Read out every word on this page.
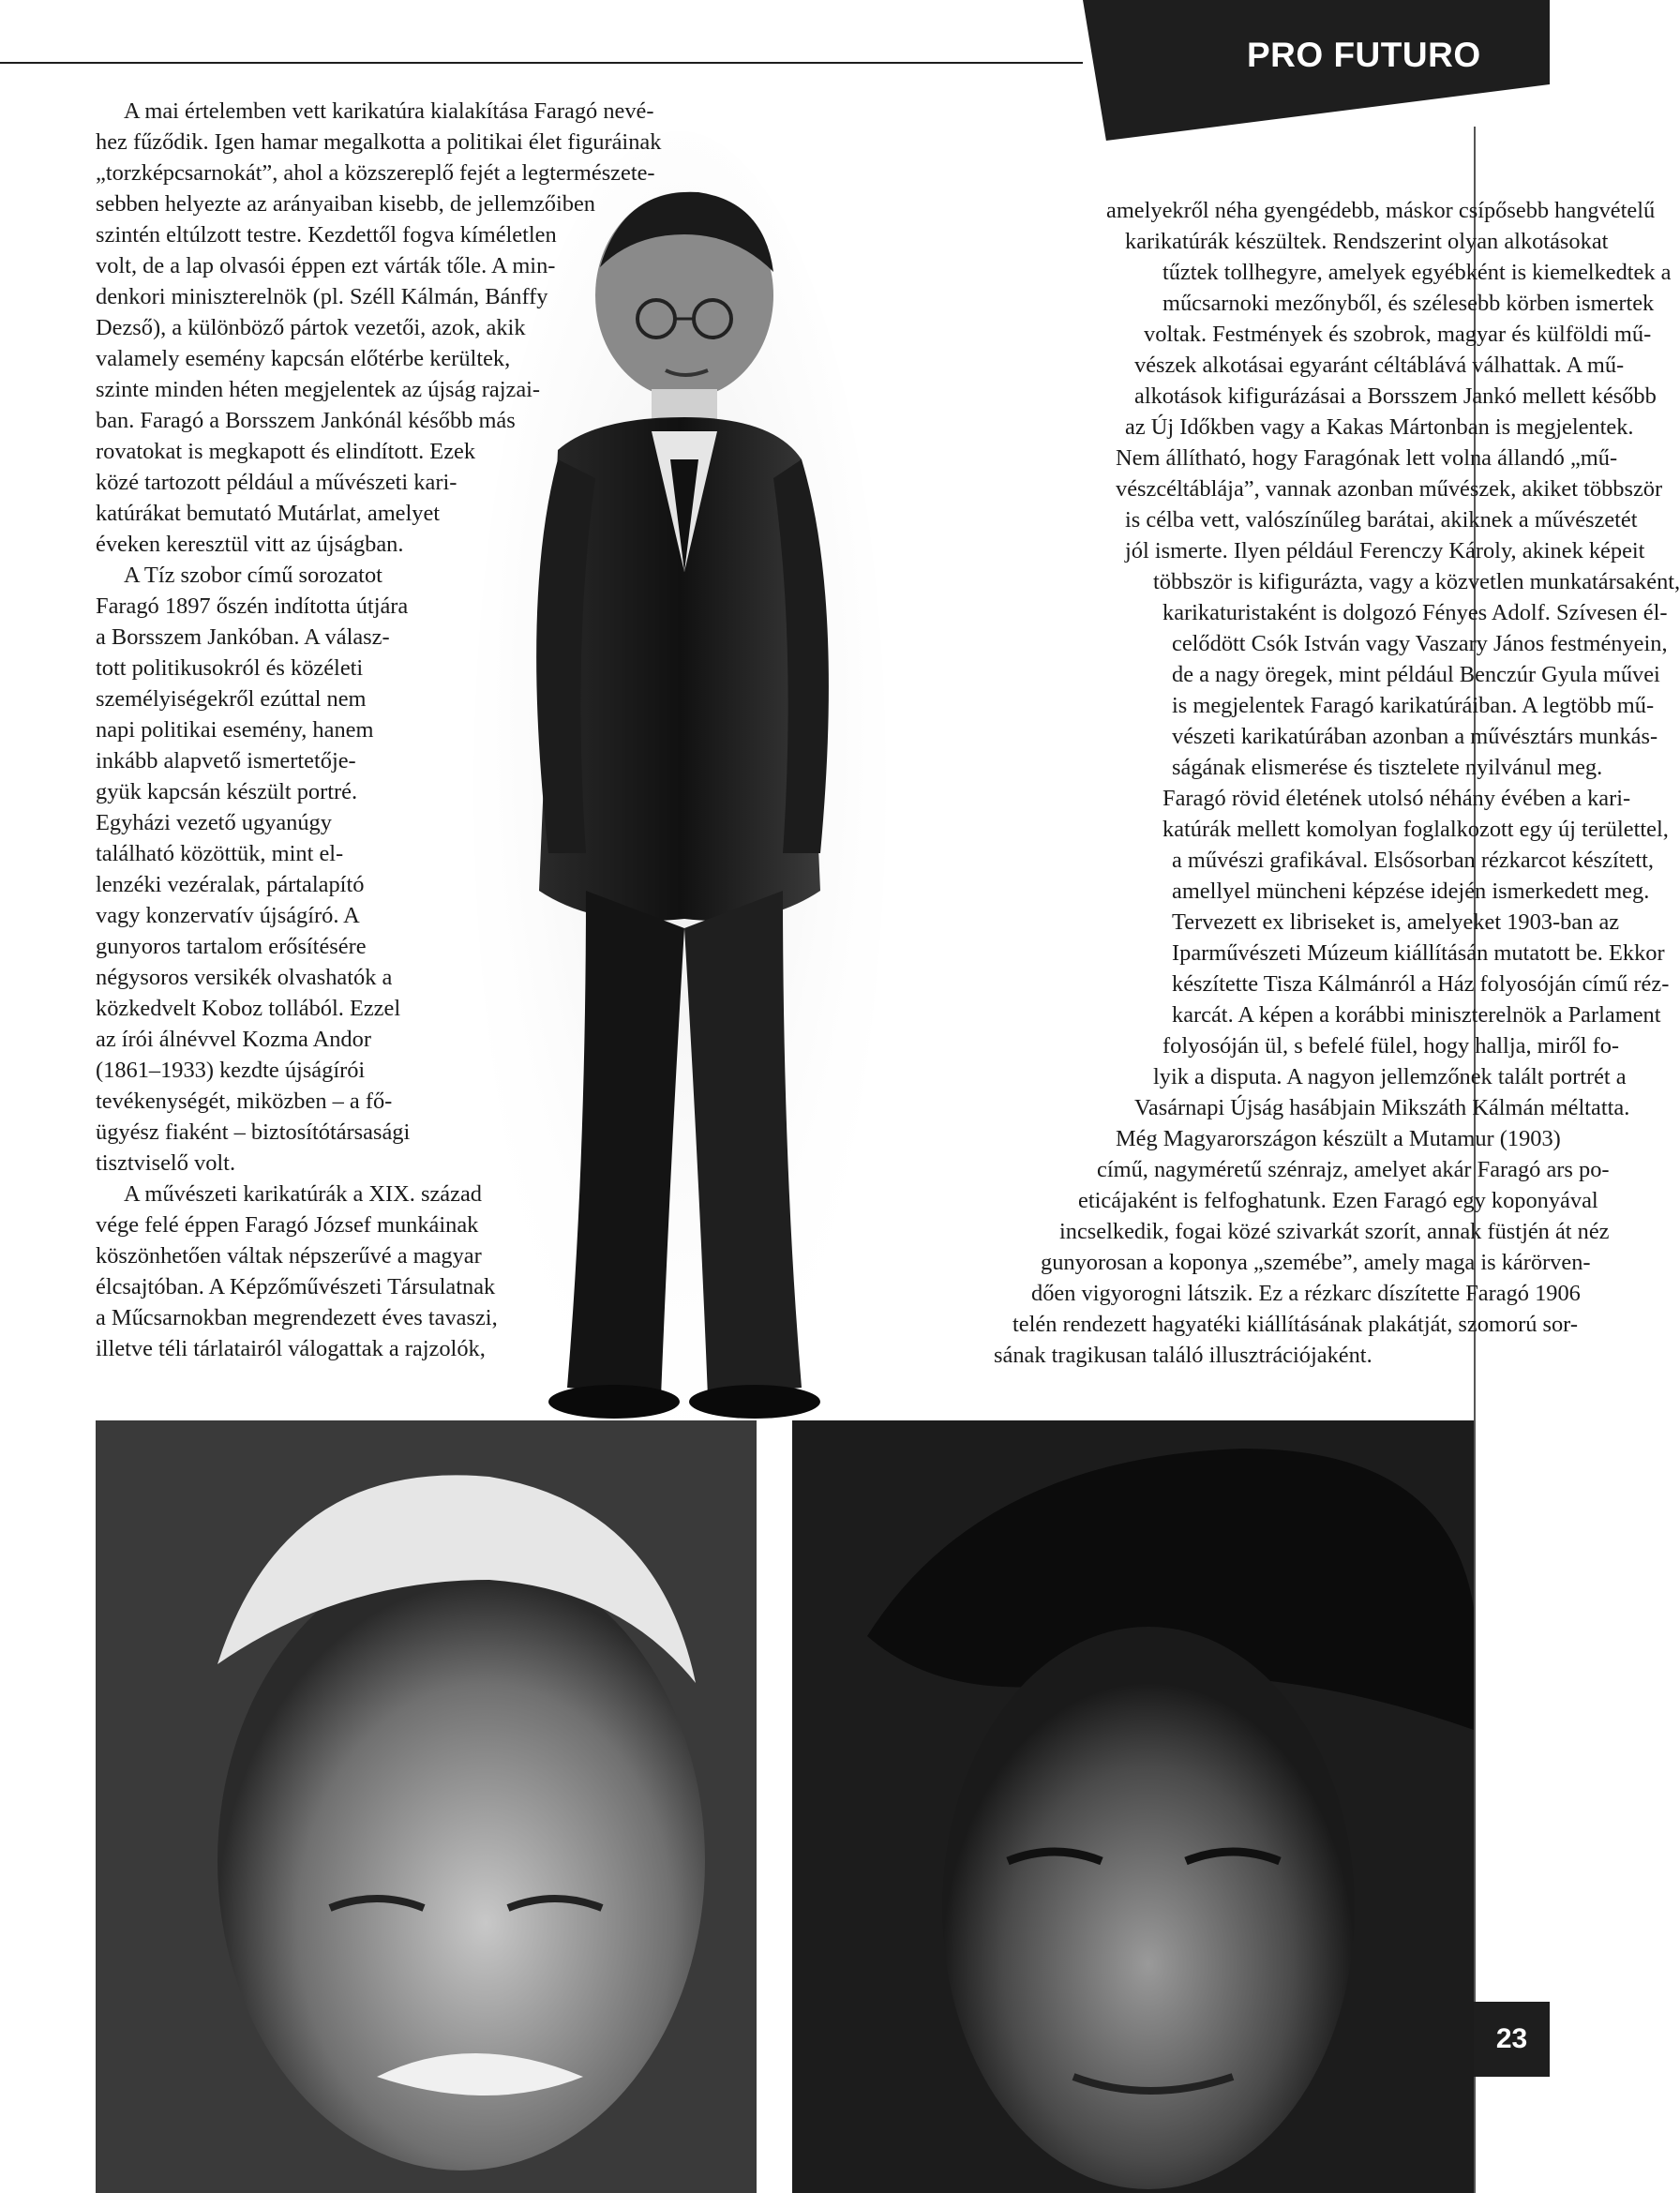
PRO FUTURO
A mai értelemben vett karikatúra kialakítása Faragó nevé-
hez fűződik. Igen hamar megalkotta a politikai élet figuráinak
„torzképcsarnokát”, ahol a közszereplő fejét a legtermészete-
sebben helyezte az arányaiban kisebb, de jellemzőiben
szintén eltúlzott testre. Kezdettől fogva kíméletlen
volt, de a lap olvasói éppen ezt várták tőle. A min-
denkori miniszterelnök (pl. Széll Kálmán, Bánffy
Dezső), a különböző pártok vezetői, azok, akik
valamely esemény kapcsán előtérbe kerültek,
szinte minden héten megjelentek az újság rajzai-
ban. Faragó a Borsszem Jankónál később más
rovatokat is megkapott és elindított. Ezek
közé tartozott például a művészeti kari-
katúrákat bemutató Mutárlat, amelyet
éveken keresztül vitt az újságban.
A Tíz szobor című sorozatot
Faragó 1897 őszén indította útjára
a Borsszem Jankóban. A válasz-
tott politikusokról és közéleti
személyiségekről ezúttal nem
napi politikai esemény, hanem
inkább alapvető ismertetője-
gyük kapcsán készült portré.
Egyházi vezető ugyanúgy
található közöttük, mint el-
lenzéki vezéralak, pártalapító
vagy konzervatív újságíró. A
gunyoros tartalom erősítésére
négysoros versikék olvashatók a
közkedvelt Koboz tollából. Ezzel
az írói álnévvel Kozma Andor
(1861–1933) kezdte újságírói
tevékenységét, miközben – a fő-
ügyész fiaként – biztosítótársasági
tisztviselő volt.
A művészeti karikatúrák a XIX. század
vége felé éppen Faragó József munkáinak
köszönhetően váltak népszerűvé a magyar
élcsajtóban. A Képzőművészeti Társulatnak
a Műcsarnokban megrendezett éves tavaszi,
illetve téli tárlatairól válogattak a rajzolók,
amelyekről néha gyengédebb, máskor csípősebb hangvételű
karikatúrák készültek. Rendszerint olyan alkotásokat
tűztek tollhegyre, amelyek egyébként is kiemelkedtek a
műcsarnoki mezőnyből, és szélesebb körben ismertek
voltak. Festmények és szobrok, magyar és külföldi mű-
vészek alkotásai egyaránt céltáblává válhattak. A mű-
alkotások kifigurázásai a Borsszem Jankó mellett később
az Új Időkben vagy a Kakas Mártonban is megjelentek.
Nem állítható, hogy Faragónak lett volna állandó „mű-
vészcéltáblája”, vannak azonban művészek, akiket többször
is célba vett, valószínűleg barátai, akiknek a művészetét
jól ismerte. Ilyen például Ferenczy Károly, akinek képeit
többször is kifigurázta, vagy a közvetlen munkatársaként,
karikaturistaként is dolgozó Fényes Adolf. Szívesen él-
celődött Csók István vagy Vaszary János festményein,
de a nagy öregek, mint például Benczúr Gyula művei
is megjelentek Faragó karikatúráiban. A legtöbb mű-
vészeti karikatúrában azonban a művésztárs munkás-
ságának elismerése és tisztelete nyilvánul meg.
Faragó rövid életének utolsó néhány évében a kari-
katúrák mellett komolyan foglalkozott egy új területtel,
a művészi grafikával. Elsősorban rézkarcot készített,
amellyel müncheni képzése idején ismerkedett meg.
Tervezett ex libriseket is, amelyeket 1903-ban az
Iparművészeti Múzeum kiállításán mutatott be. Ekkor
készítette Tisza Kálmánról a Ház folyosóján című réz-
karcát. A képen a korábbi miniszterelnök a Parlament
folyosóján ül, s befelé fülel, hogy hallja, miről fo-
lyik a disputa. A nagyon jellemzőnek talált portrét a
Vasárnapi Újság hasábjain Mikszáth Kálmán méltatta.
Még Magyarországon készült a Mutamur (1903)
című, nagyméretű szénrajz, amelyet akár Faragó ars po-
eticájaként is felfoghatunk. Ezen Faragó egy koponyával
incselkedik, fogai közé szivarkát szorít, annak füstjén át néz
gunyorosan a koponya „szemébe”, amely maga is kárörven-
dően vigyorogni látszik. Ez a rézkarc díszítette Faragó 1906
telén rendezett hagyatéki kiállításának plakátját, szomorú sor-
sának tragikusan találó illusztrációjaként.
23
